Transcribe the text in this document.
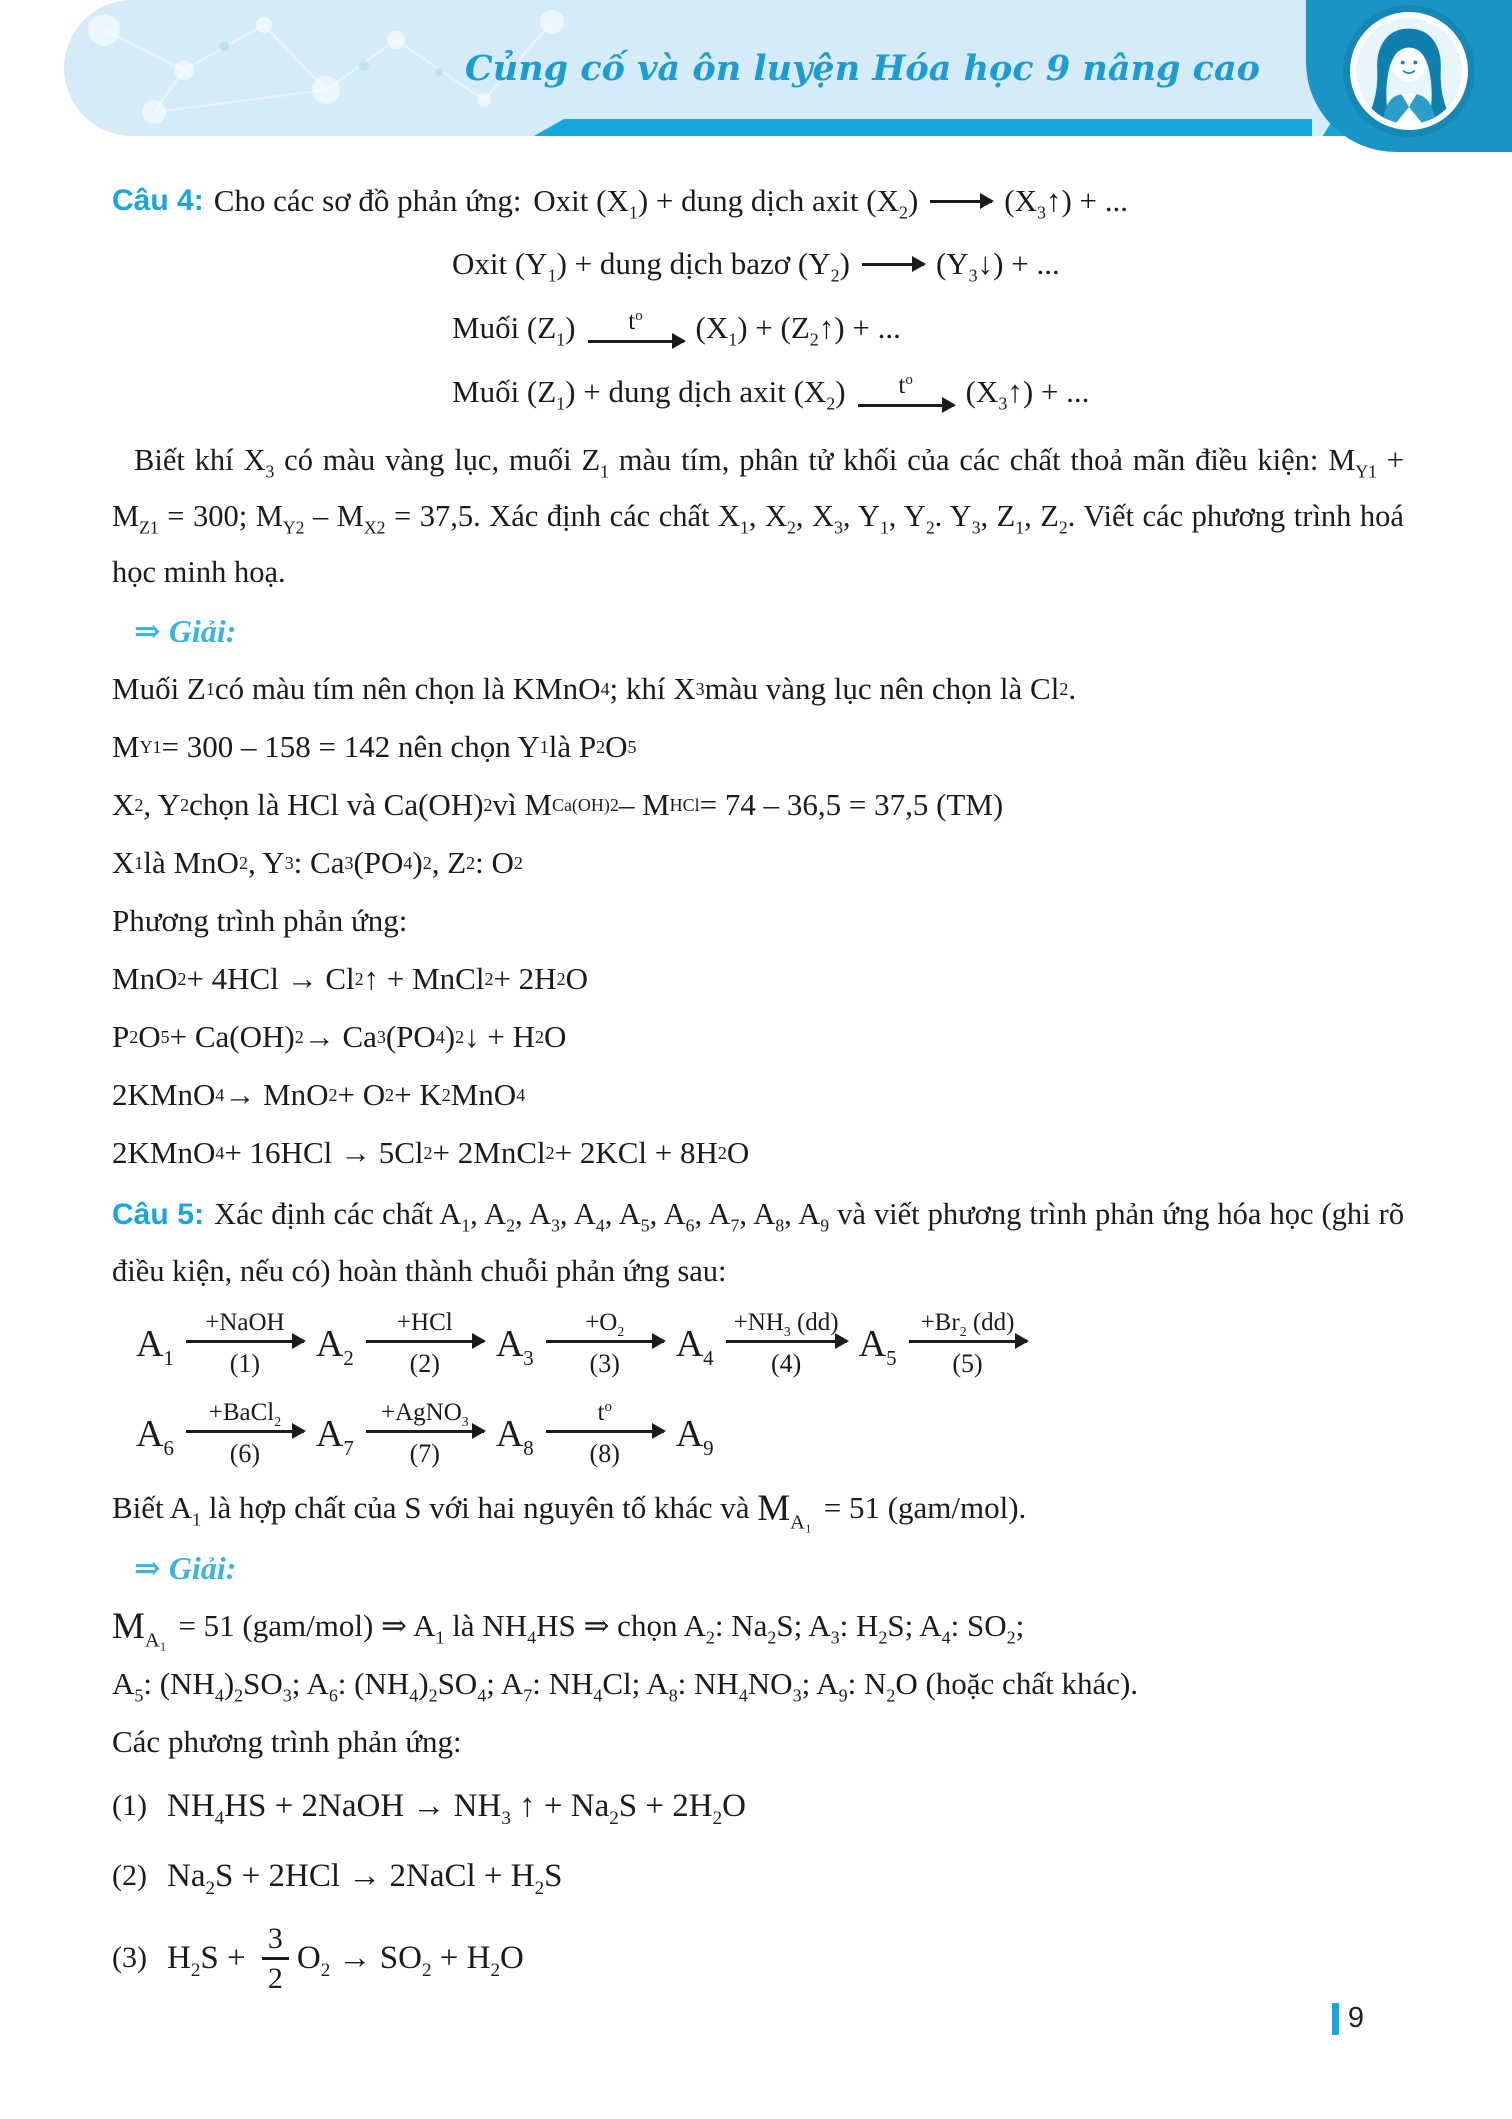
Củng cố và ôn luyện Hóa học 9 nâng cao
Câu 4: Cho các sơ đồ phản ứng: Oxit $(X_1)$ + dung dịch axit $(X_2)$	$(X_3↑)$ + ...
Oxit $(Y_1)$ + dung dịch bazơ $(Y_2)$	$(Y_3↓)$ + ...
Muối $(Z_1)$	$t^o$ $(X_1)$ + $(Z_2↑)$ + ...
Muối $(Z_1)$ + dung dịch axit $(X_2)$	$t^o$ $(X_3↑)$ + ...

Biết khí $X_3$ có màu vàng lục, muối $Z_1$ màu tím, phân tử khối của các chất thoả mãn điều kiện: $M_{Y1} + M_{Z1} = 300$; $M_{Y2} - M_{X2} = 37,5$. Xác định các chất $X_1$, $X_2$, $X_3$, $Y_1$, $Y_2$. $Y_3$, $Z_1$, $Z_2$. Viết các phương trình hoá học minh hoạ.

⇒ Giải:
Muối Z 1 có màu tím nên chọn là KMnO 4 ; khí X 3 màu vàng lục nên chọn là Cl 2 .
M Y1 = 300 – 158 = 142 nên chọn Y 1 là P 2 O 5
X 2 , Y 2 chọn là HCl và Ca(OH) 2 vì M Ca(OH)2 – M HCl = 74 – 36,5 = 37,5 (TM)
X 1 là MnO 2 , Y 3 : Ca 3 (PO 4 ) 2 , Z 2 : O 2
Phương trình phản ứng:
MnO 2 + 4HCl → Cl 2 ↑ + MnCl 2 + 2H 2 O
P 2 O 5 + Ca(OH) 2 → Ca 3 (PO 4 ) 2 ↓ + H 2 O
2KMnO 4 → MnO 2 + O 2 + K 2 MnO 4
2KMnO 4 + 16HCl → 5Cl 2 + 2MnCl 2 + 2KCl + 8H 2 O

Câu 5: Xác định các chất $A_1$, $A_2$, $A_3$, $A_4$, $A_5$, $A_6$, $A_7$, $A_8$, $A_9$ và viết phương trình phản ứng hóa học (ghi rõ điều kiện, nếu có) hoàn thành chuỗi phản ứng sau:

$A_1$
+NaOH
(1) $A_2$
+HCl
(2) $A_3$
$+O_2$
(3) $A_4$
$+NH_3$ (dd)
(4) $A_5$
$+Br_2$ (dd)
(5)
$A_6$
+BaCl$_2$
(6) $A_7$
+AgNO$_3$
(7) $A_8$
$t^o$
(8) $A_9$
Biết $A_1$ là hợp chất của S với hai nguyên tố khác và $M_{A_1} = 51$ (gam/mol).
⇒ Giải:
$M_{A_1} = 51$ (gam/mol) ⇒ $A_1$ là $NH_4HS$ ⇒ chọn $A_2$: $Na_2S$; $A_3$: $H_2S$; $A_4$: $SO_2$;

$A_5$: $(NH_4)_2SO_3$; $A_6$: $(NH_4)_2SO_4$; $A_7$: $NH_4Cl$; $A_8$: $NH_4NO_3$; $A_9$: $N_2O$ (hoặc chất khác).
Các phương trình phản ứng:
(1) $NH_4HS$ + 2NaOH → $NH_3$ ↑ + $Na_2S + 2H_2O$
(2) $Na_2S + 2HCl$ → 2NaCl + $H_2S$
(3) $H_2S + \frac{3}{2} O_2 \to SO_2 + H_2O$
9
